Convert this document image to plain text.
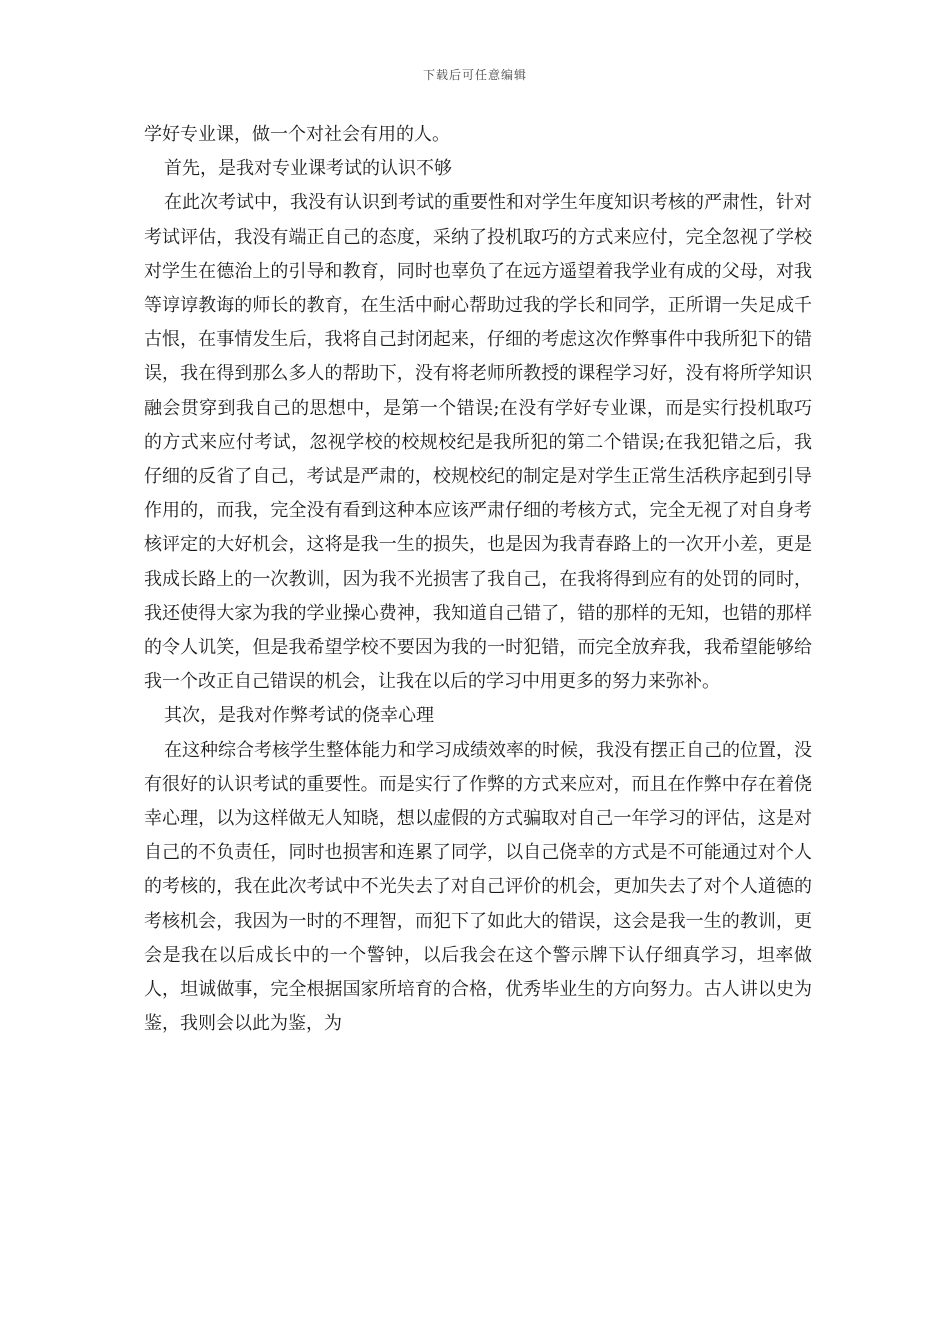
下载后可任意编辑

学好专业课，做一个对社会有用的人。

首先，是我对专业课考试的认识不够

在此次考试中，我没有认识到考试的重要性和对学生年度知识考核的严肃性，针对考试评估，我没有端正自己的态度，采纳了投机取巧的方式来应付，完全忽视了学校对学生在德治上的引导和教育，同时也辜负了在远方遥望着我学业有成的父母，对我等谆谆教诲的师长的教育，在生活中耐心帮助过我的学长和同学，正所谓一失足成千古恨，在事情发生后，我将自己封闭起来，仔细的考虑这次作弊事件中我所犯下的错误，我在得到那么多人的帮助下，没有将老师所教授的课程学习好，没有将所学知识融会贯穿到我自己的思想中，是第一个错误;在没有学好专业课，而是实行投机取巧的方式来应付考试，忽视学校的校规校纪是我所犯的第二个错误;在我犯错之后，我仔细的反省了自己，考试是严肃的，校规校纪的制定是对学生正常生活秩序起到引导作用的，而我，完全没有看到这种本应该严肃仔细的考核方式，完全无视了对自身考核评定的大好机会，这将是我一生的损失，也是因为我青春路上的一次开小差，更是我成长路上的一次教训，因为我不光损害了我自己，在我将得到应有的处罚的同时，我还使得大家为我的学业操心费神，我知道自己错了，错的那样的无知，也错的那样的令人讥笑，但是我希望学校不要因为我的一时犯错，而完全放弃我，我希望能够给我一个改正自己错误的机会，让我在以后的学习中用更多的努力来弥补。

其次，是我对作弊考试的侥幸心理

在这种综合考核学生整体能力和学习成绩效率的时候，我没有摆正自己的位置，没有很好的认识考试的重要性。而是实行了作弊的方式来应对，而且在作弊中存在着侥幸心理，以为这样做无人知晓，想以虚假的方式骗取对自己一年学习的评估，这是对自己的不负责任，同时也损害和连累了同学，以自己侥幸的方式是不可能通过对个人的考核的，我在此次考试中不光失去了对自己评价的机会，更加失去了对个人道德的考核机会，我因为一时的不理智，而犯下了如此大的错误，这会是我一生的教训，更会是我在以后成长中的一个警钟，以后我会在这个警示牌下认仔细真学习，坦率做人，坦诚做事，完全根据国家所培育的合格，优秀毕业生的方向努力。古人讲以史为鉴，我则会以此为鉴，为
